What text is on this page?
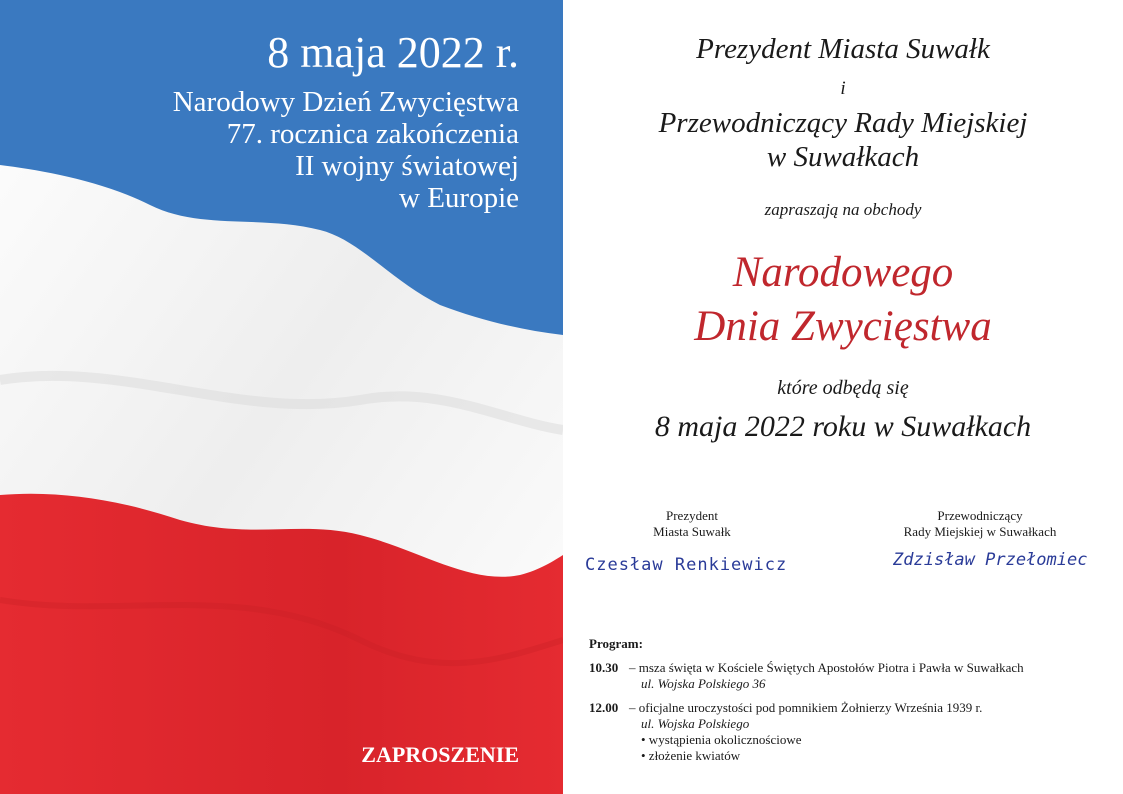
8 maja 2022 r.
Narodowy Dzień Zwycięstwa
77. rocznica zakończenia
II wojny światowej
w Europie
ZAPROSZENIE
Prezydent Miasta Suwałk
i
Przewodniczący Rady Miejskiej
w Suwałkach
zapraszają na obchody
Narodowego
Dnia Zwycięstwa
które odbędą się
8 maja 2022 roku w Suwałkach
Prezydent
Miasta Suwałk
Czesław Renkiewicz
Przewodniczący
Rady Miejskiej w Suwałkach
Zdzisław Przełomiec
Program:
10.30 – msza święta w Kościele Świętych Apostołów Piotra i Pawła w Suwałkach
ul. Wojska Polskiego 36
12.00 – oficjalne uroczystości pod pomnikiem Żołnierzy Września 1939 r.
ul. Wojska Polskiego
• wystąpienia okolicznościowe
• złożenie kwiatów
